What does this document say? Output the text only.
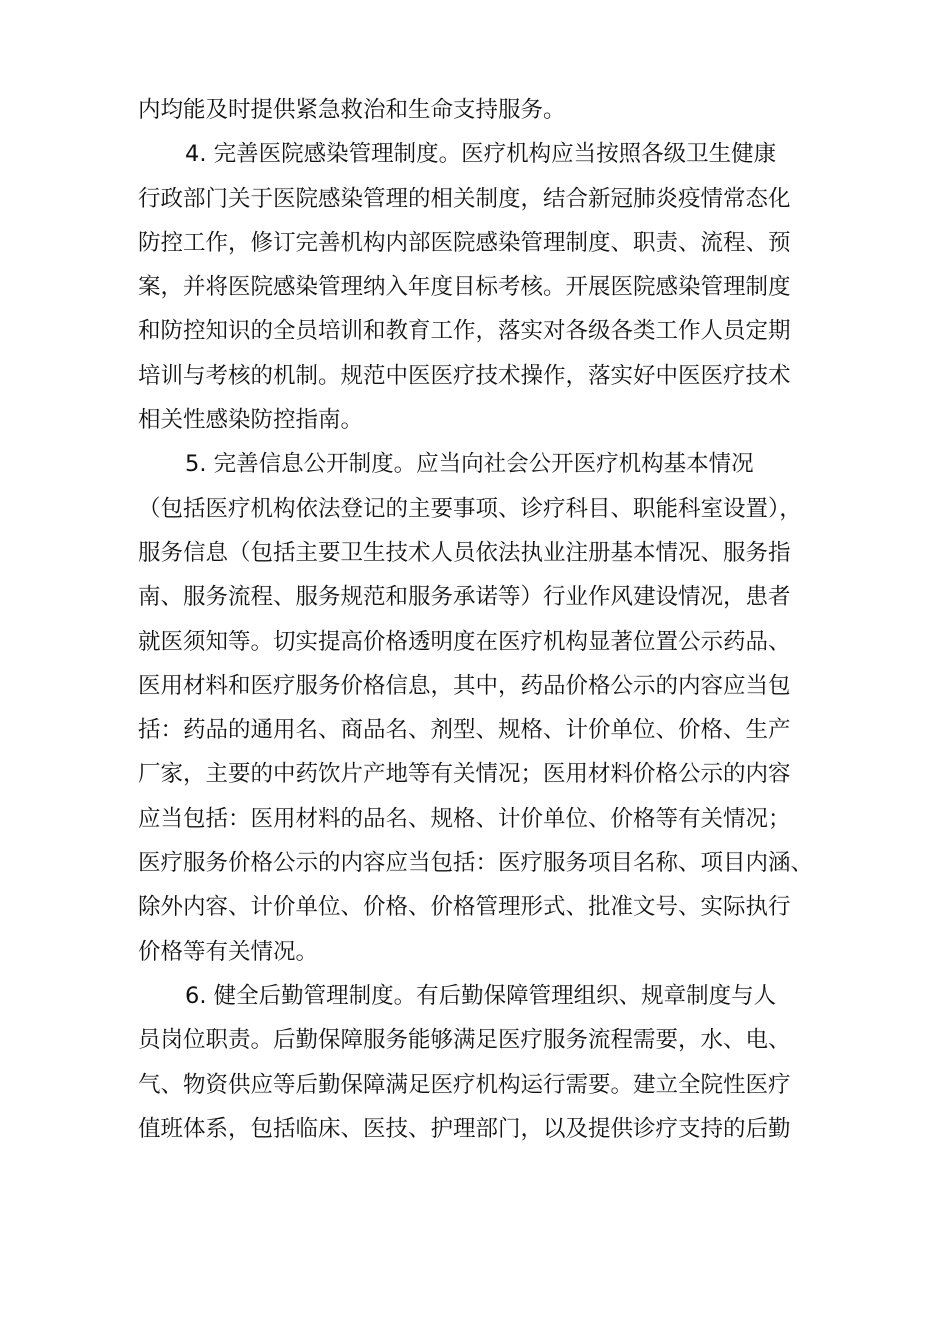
内均能及时提供紧急救治和生命支持服务。
4. 完善医院感染管理制度。医疗机构应当按照各级卫生健康
行政部门关于医院感染管理的相关制度，结合新冠肺炎疫情常态化
防控工作，修订完善机构内部医院感染管理制度、职责、流程、预
案，并将医院感染管理纳入年度目标考核。开展医院感染管理制度
和防控知识的全员培训和教育工作，落实对各级各类工作人员定期
培训与考核的机制。规范中医医疗技术操作，落实好中医医疗技术
相关性感染防控指南。
5. 完善信息公开制度。应当向社会公开医疗机构基本情况
（包括医疗机构依法登记的主要事项、诊疗科目、职能科室设置），
服务信息（包括主要卫生技术人员依法执业注册基本情况、服务指
南、服务流程、服务规范和服务承诺等）行业作风建设情况，患者
就医须知等。切实提高价格透明度在医疗机构显著位置公示药品、
医用材料和医疗服务价格信息，其中，药品价格公示的内容应当包
括：药品的通用名、商品名、剂型、规格、计价单位、价格、生产
厂家，主要的中药饮片产地等有关情况；医用材料价格公示的内容
应当包括：医用材料的品名、规格、计价单位、价格等有关情况；
医疗服务价格公示的内容应当包括：医疗服务项目名称、项目内涵、
除外内容、计价单位、价格、价格管理形式、批准文号、实际执行
价格等有关情况。
6. 健全后勤管理制度。有后勤保障管理组织、规章制度与人
员岗位职责。后勤保障服务能够满足医疗服务流程需要，水、电、
气、物资供应等后勤保障满足医疗机构运行需要。建立全院性医疗
值班体系，包括临床、医技、护理部门，以及提供诊疗支持的后勤
